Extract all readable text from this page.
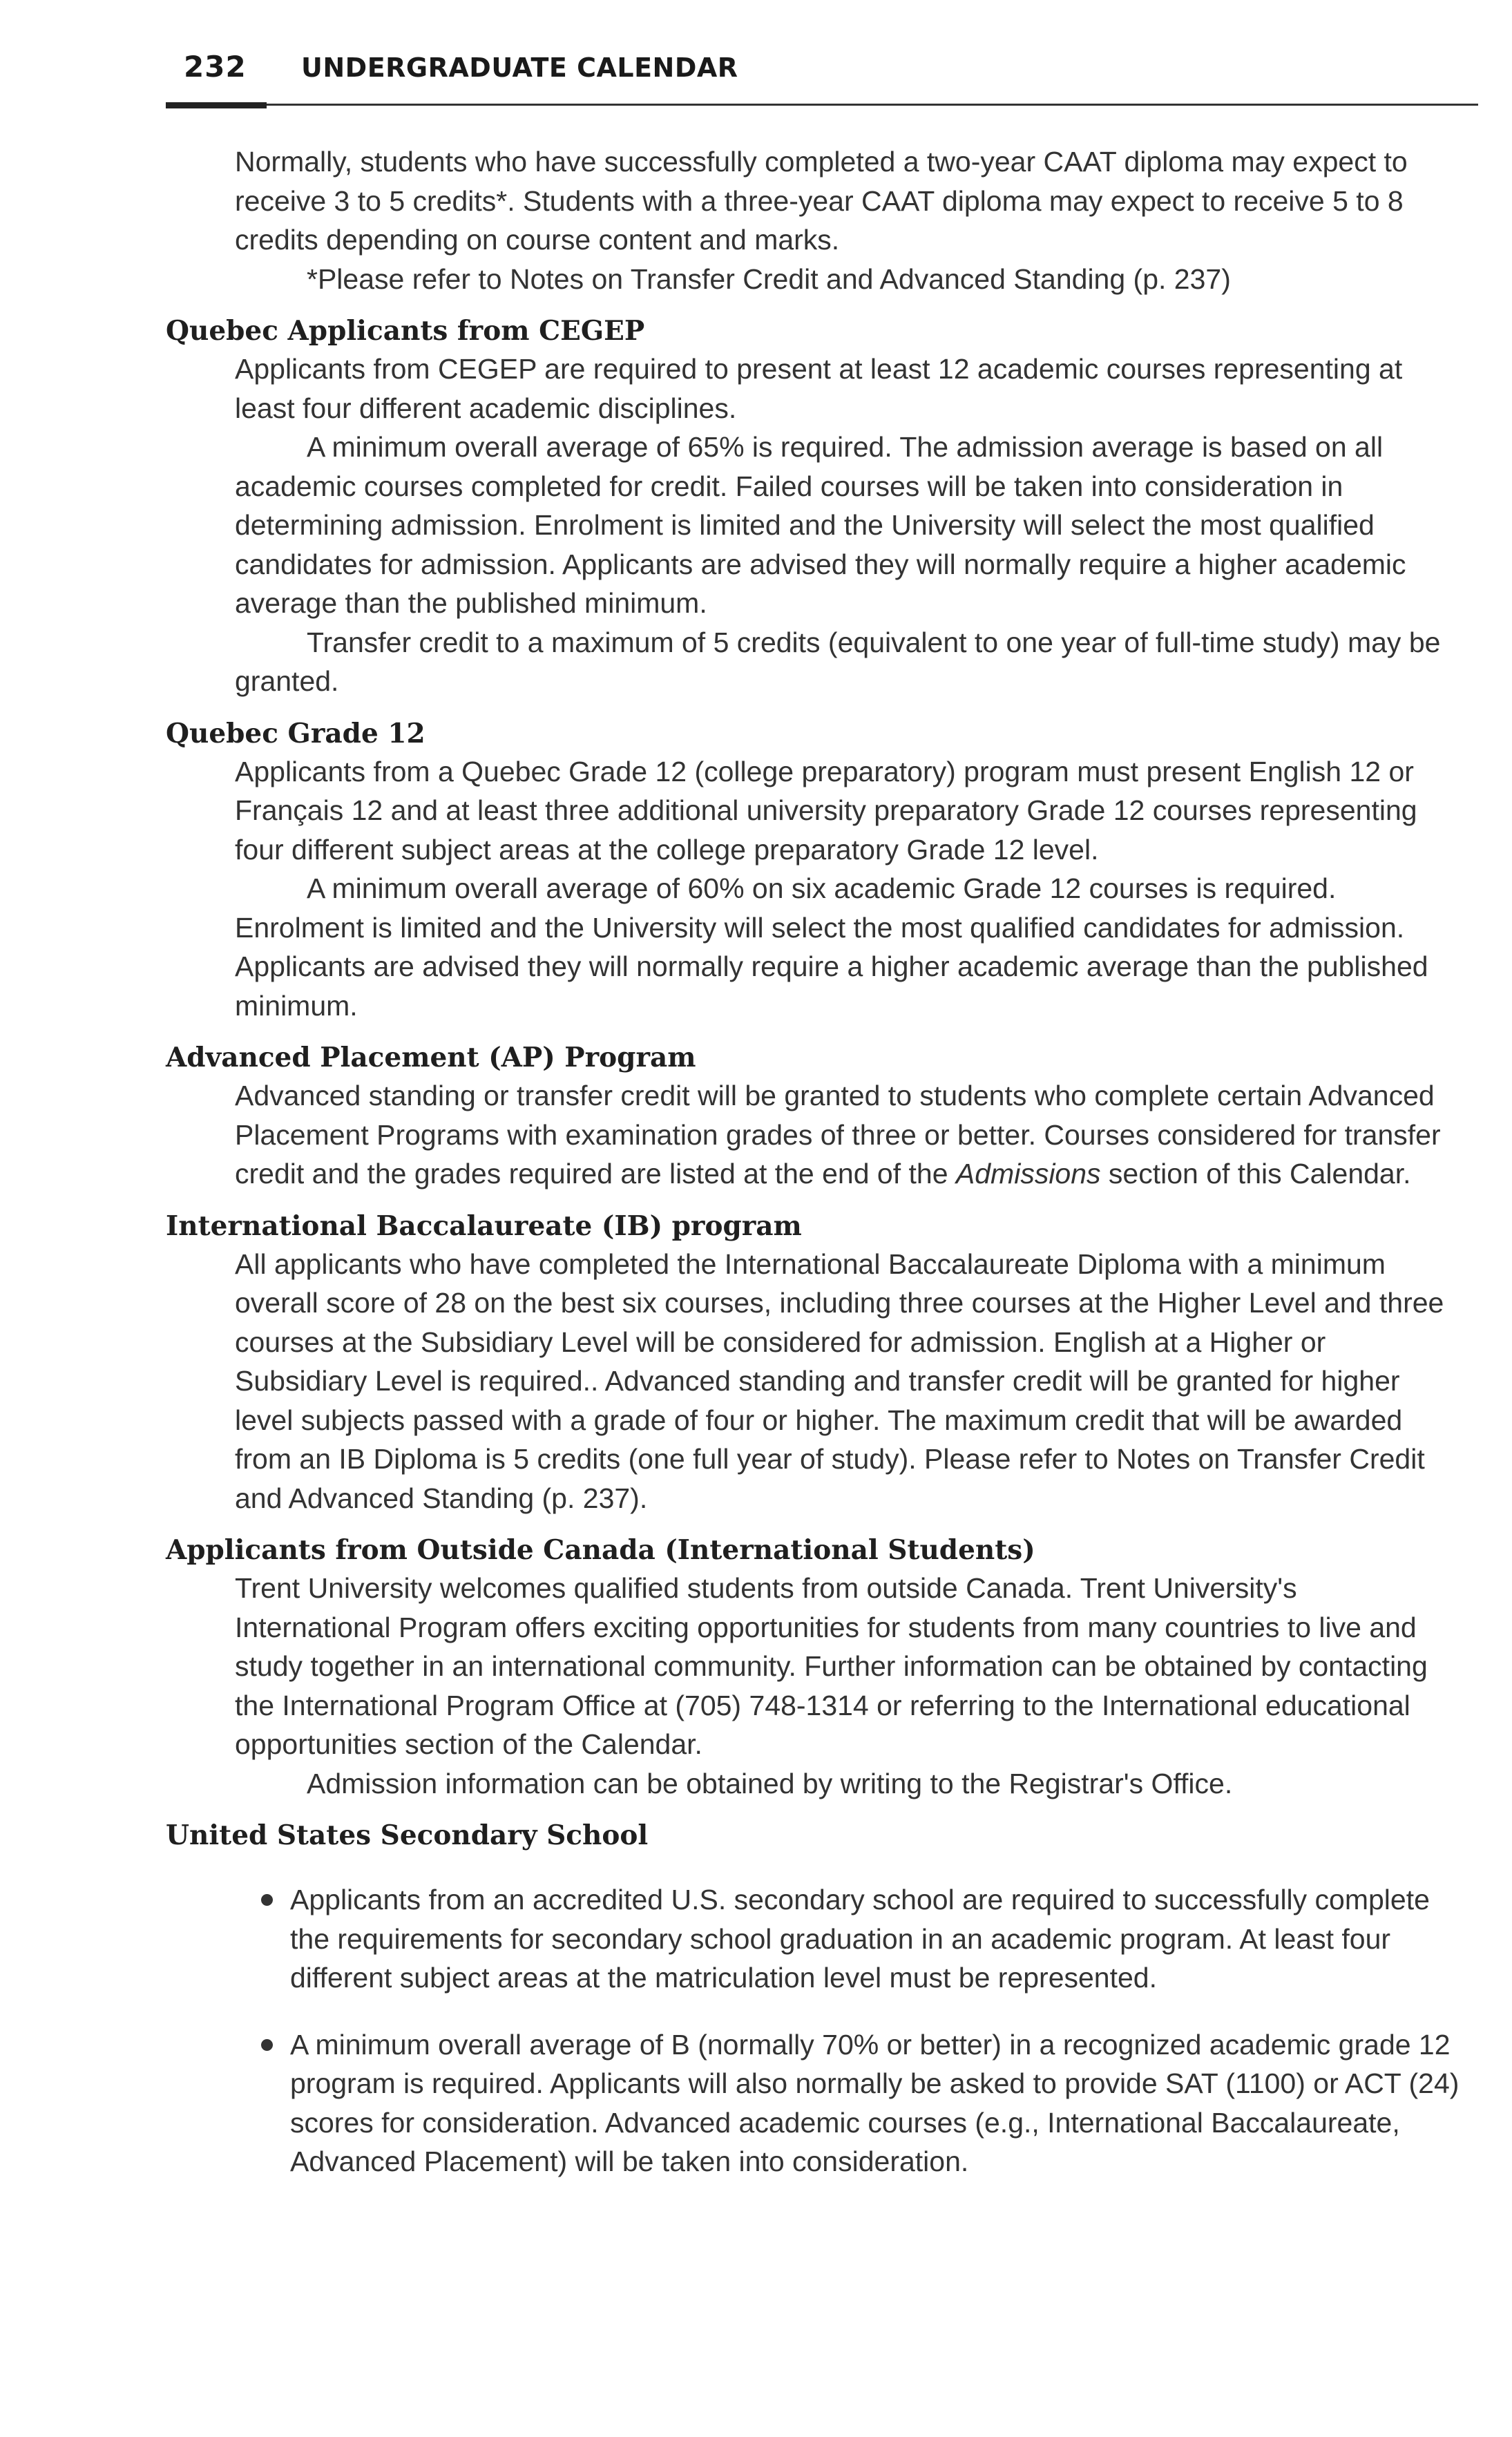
232 UNDERGRADUATE CALENDAR

Normally, students who have successfully completed a two-year CAAT diploma may expect to receive 3 to 5 credits*. Students with a three-year CAAT diploma may expect to receive 5 to 8 credits depending on course content and marks.

*Please refer to Notes on Transfer Credit and Advanced Standing (p. 237)

Quebec Applicants from CEGEP

Applicants from CEGEP are required to present at least 12 academic courses representing at least four different academic disciplines.

A minimum overall average of 65% is required. The admission average is based on all academic courses completed for credit. Failed courses will be taken into consideration in determining admission. Enrolment is limited and the University will select the most qualified candidates for admission. Applicants are advised they will normally require a higher academic average than the published minimum.

Transfer credit to a maximum of 5 credits (equivalent to one year of full-time study) may be granted.

Quebec Grade 12

Applicants from a Quebec Grade 12 (college preparatory) program must present English 12 or Français 12 and at least three additional university preparatory Grade 12 courses representing four different subject areas at the college preparatory Grade 12 level.

A minimum overall average of 60% on six academic Grade 12 courses is required. Enrolment is limited and the University will select the most qualified candidates for admission. Applicants are advised they will normally require a higher academic average than the published minimum.

Advanced Placement (AP) Program

Advanced standing or transfer credit will be granted to students who complete certain Advanced Placement Programs with examination grades of three or better. Courses considered for transfer credit and the grades required are listed at the end of the Admissions section of this Calendar.

International Baccalaureate (IB) program

All applicants who have completed the International Baccalaureate Diploma with a minimum overall score of 28 on the best six courses, including three courses at the Higher Level and three courses at the Subsidiary Level will be considered for admission. English at a Higher or Subsidiary Level is required.. Advanced standing and transfer credit will be granted for higher level subjects passed with a grade of four or higher. The maximum credit that will be awarded from an IB Diploma is 5 credits (one full year of study). Please refer to Notes on Transfer Credit and Advanced Standing (p. 237).

Applicants from Outside Canada (International Students)

Trent University welcomes qualified students from outside Canada. Trent University's International Program offers exciting opportunities for students from many countries to live and study together in an international community. Further information can be obtained by contacting the International Program Office at (705) 748-1314 or referring to the International educational opportunities section of the Calendar.

Admission information can be obtained by writing to the Registrar's Office.

United States Secondary School
Applicants from an accredited U.S. secondary school are required to successfully complete the requirements for secondary school graduation in an academic program. At least four different subject areas at the matriculation level must be represented.
A minimum overall average of B (normally 70% or better) in a recognized academic grade 12 program is required. Applicants will also normally be asked to provide SAT (1100) or ACT (24) scores for consideration. Advanced academic courses (e.g., International Baccalaureate, Advanced Placement) will be taken into consideration.
